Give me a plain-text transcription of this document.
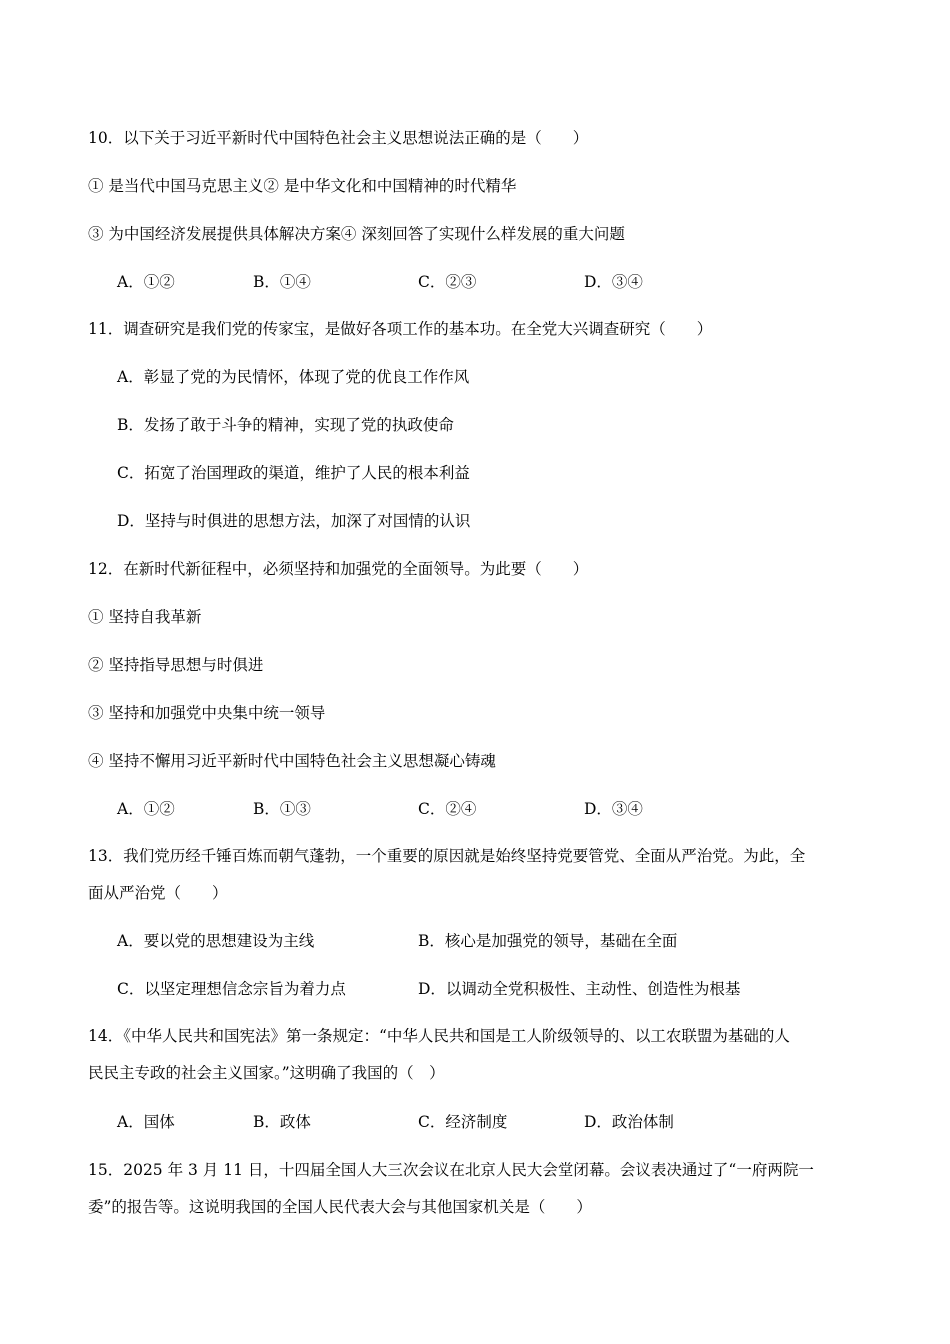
10．以下关于习近平新时代中国特色社会主义思想说法正确的是（　　）
① 是当代中国马克思主义② 是中华文化和中国精神的时代精华
③ 为中国经济发展提供具体解决方案④ 深刻回答了实现什么样发展的重大问题
A．①②	B．①④	C．②③	D．③④
11．调查研究是我们党的传家宝，是做好各项工作的基本功。在全党大兴调查研究（　　）
A．彰显了党的为民情怀，体现了党的优良工作作风
B．发扬了敢于斗争的精神，实现了党的执政使命
C．拓宽了治国理政的渠道，维护了人民的根本利益
D．坚持与时俱进的思想方法，加深了对国情的认识
12．在新时代新征程中，必须坚持和加强党的全面领导。为此要（　　）
① 坚持自我革新
② 坚持指导思想与时俱进
③ 坚持和加强党中央集中统一领导
④ 坚持不懈用习近平新时代中国特色社会主义思想凝心铸魂
A．①②	B．①③	C．②④	D．③④
13．我们党历经千锤百炼而朝气蓬勃，一个重要的原因就是始终坚持党要管党、全面从严治党。为此，全
面从严治党（　　）
A．要以党的思想建设为主线	B．核心是加强党的领导，基础在全面
C．以坚定理想信念宗旨为着力点	D．以调动全党积极性、主动性、创造性为根基
14．《中华人民共和国宪法》第一条规定：“中华人民共和国是工人阶级领导的、以工农联盟为基础的人
民民主专政的社会主义国家。”这明确了我国的（　）
A．国体	B．政体	C．经济制度	D．政治体制
15．2025 年 3 月 11 日，十四届全国人大三次会议在北京人民大会堂闭幕。会议表决通过了“一府两院一
委”的报告等。这说明我国的全国人民代表大会与其他国家机关是（　　）
